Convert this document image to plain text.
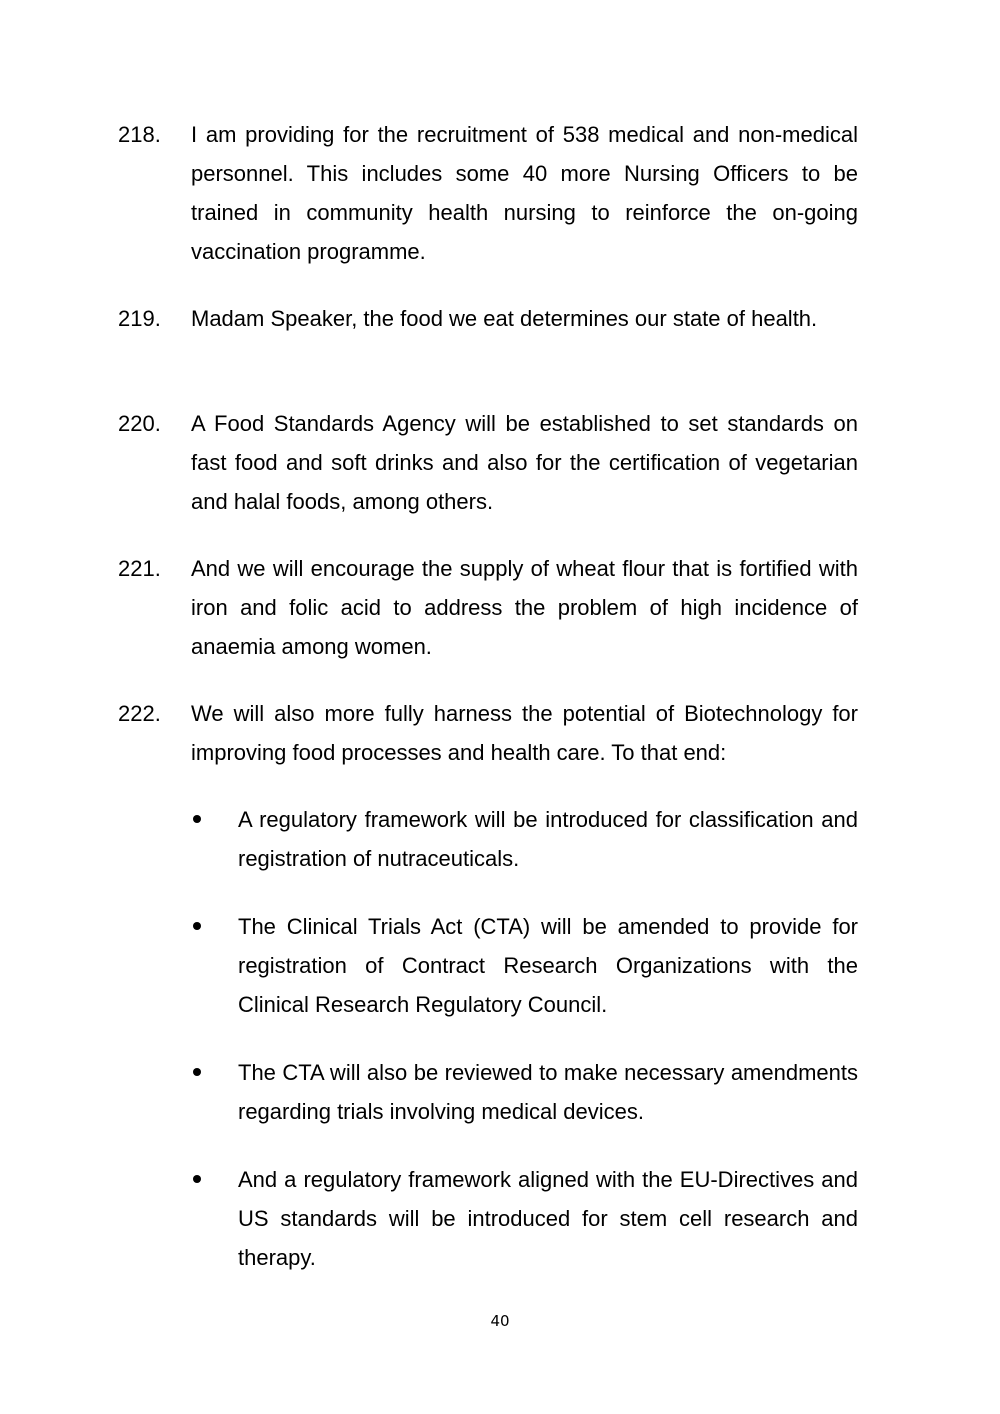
218. I am providing for the recruitment of 538 medical and non-medical personnel. This includes some 40 more Nursing Officers to be trained in community health nursing to reinforce the on-going vaccination programme.
219. Madam Speaker, the food we eat determines our state of health.
220. A Food Standards Agency will be established to set standards on fast food and soft drinks and also for the certification of vegetarian and halal foods, among others.
221. And we will encourage the supply of wheat flour that is fortified with iron and folic acid to address the problem of high incidence of anaemia among women.
222. We will also more fully harness the potential of Biotechnology for improving food processes and health care. To that end:
A regulatory framework will be introduced for classification and registration of nutraceuticals.
The Clinical Trials Act (CTA) will be amended to provide for registration of Contract Research Organizations with the Clinical Research Regulatory Council.
The CTA will also be reviewed to make necessary amendments regarding trials involving medical devices.
And a regulatory framework aligned with the EU-Directives and US standards will be introduced for stem cell research and therapy.
40
